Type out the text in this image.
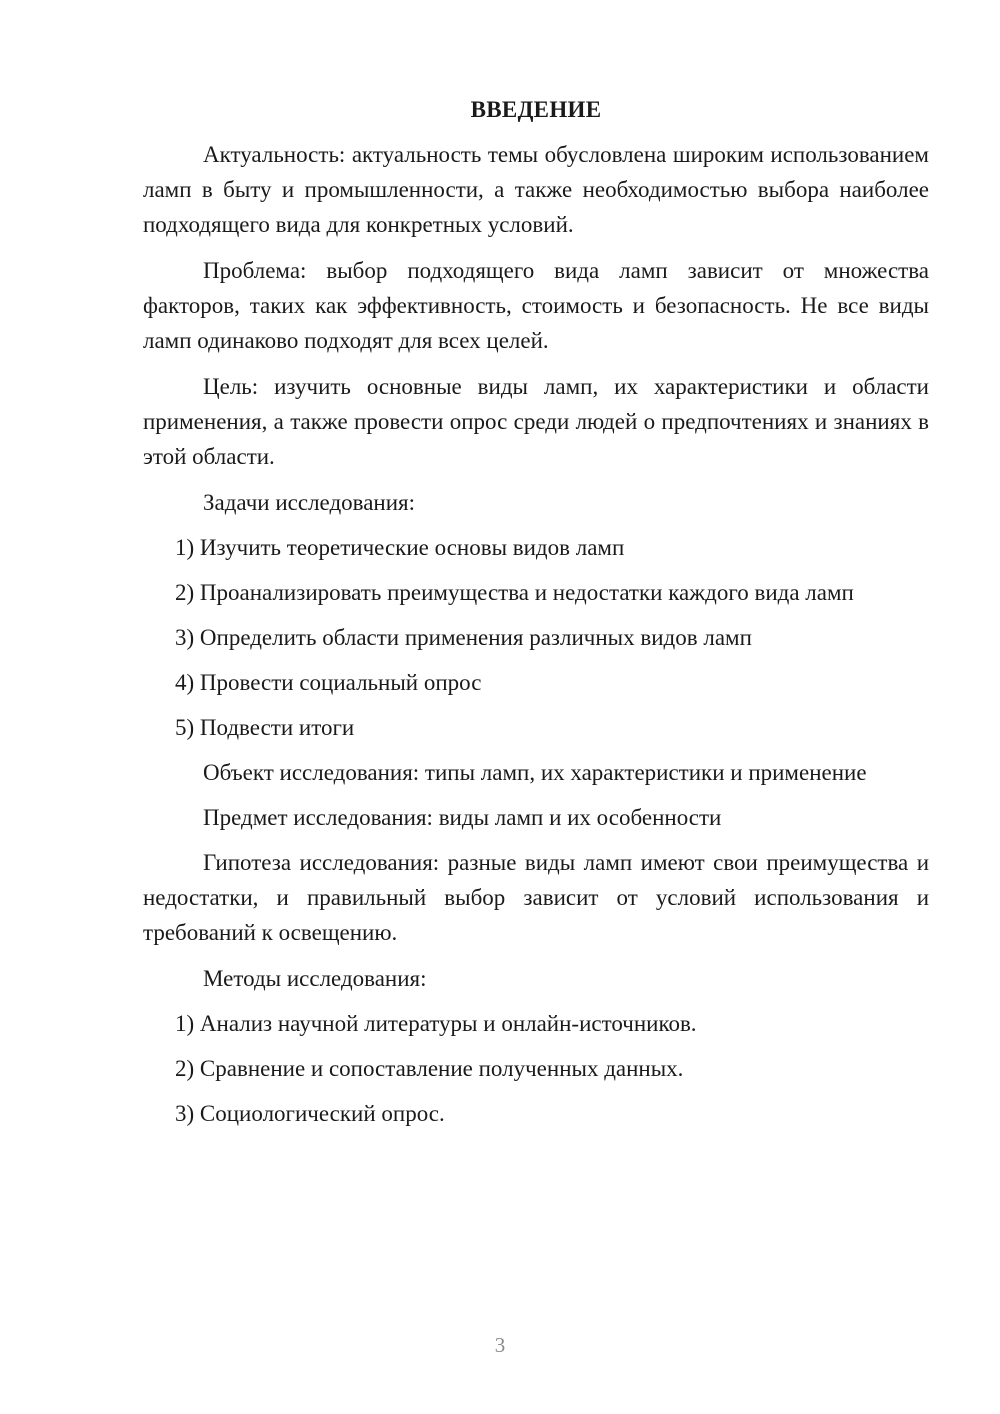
ВВЕДЕНИЕ

Актуальность: актуальность темы обусловлена широким использованием ламп в быту и промышленности, а также необходимостью выбора наиболее подходящего вида для конкретных условий.

Проблема: выбор подходящего вида ламп зависит от множества факторов, таких как эффективность, стоимость и безопасность. Не все виды ламп одинаково подходят для всех целей.

Цель: изучить основные виды ламп, их характеристики и области применения, а также провести опрос среди людей о предпочтениях и знаниях в этой области.

Задачи исследования:

1) Изучить теоретические основы видов ламп

2) Проанализировать преимущества и недостатки каждого вида ламп

3) Определить области применения различных видов ламп

4) Провести социальный опрос

5) Подвести итоги

Объект исследования: типы ламп, их характеристики и применение

Предмет исследования: виды ламп и их особенности

Гипотеза исследования: разные виды ламп имеют свои преимущества и недостатки, и правильный выбор зависит от условий использования и требований к освещению.

Методы исследования:

1) Анализ научной литературы и онлайн-источников.

2) Сравнение и сопоставление полученных данных.

3) Социологический опрос.

3
